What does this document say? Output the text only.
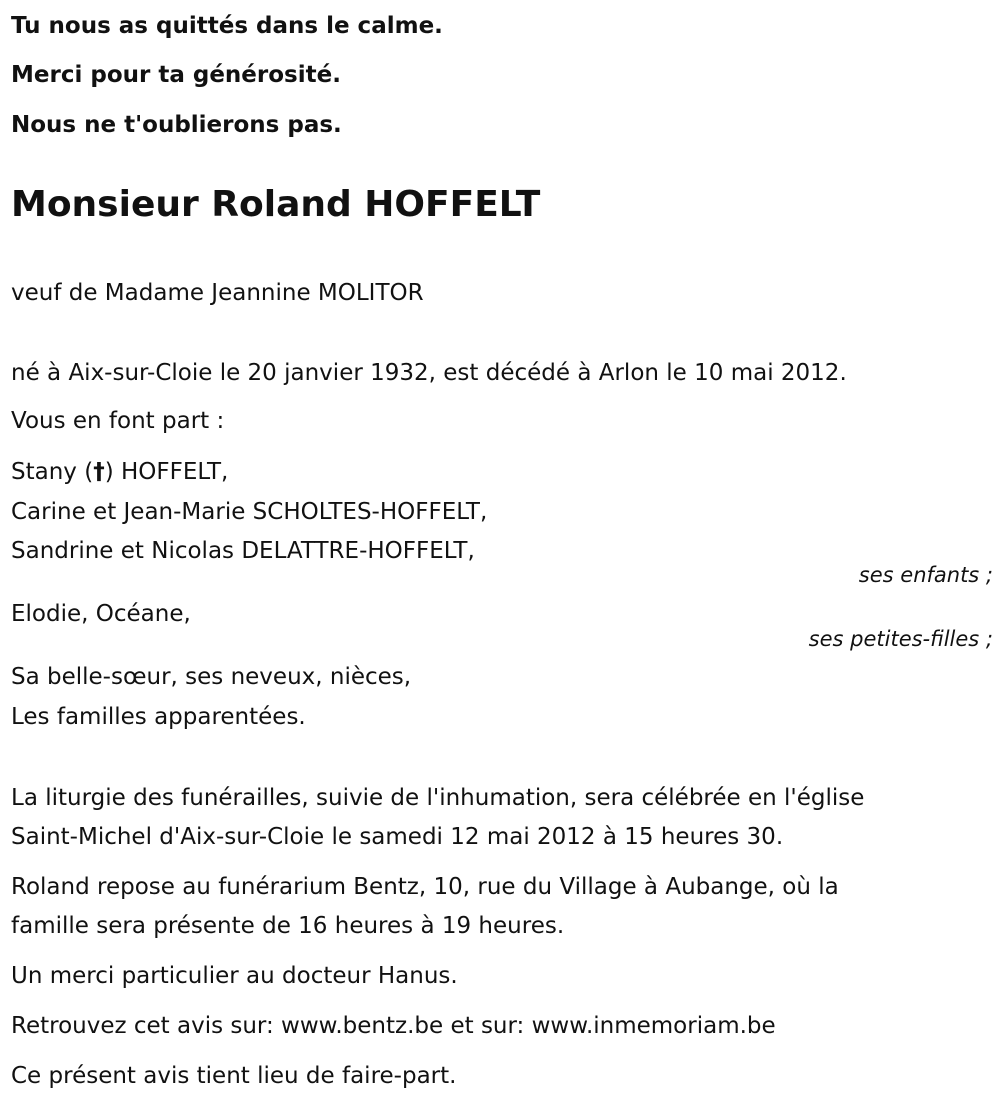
Tu nous as quittés dans le calme.
Merci pour ta générosité.
Nous ne t'oublierons pas.
Monsieur Roland HOFFELT
veuf de Madame Jeannine MOLITOR
né à Aix-sur-Cloie le 20 janvier 1932, est décédé à Arlon le 10 mai 2012.
Vous en font part :
Stany (†) HOFFELT,
Carine et Jean-Marie SCHOLTES-HOFFELT,
Sandrine et Nicolas DELATTRE-HOFFELT,
ses enfants ;
Elodie, Océane,
ses petites-filles ;
Sa belle-sœur, ses neveux, nièces,
Les familles apparentées.
La liturgie des funérailles, suivie de l'inhumation, sera célébrée en l'église
Saint-Michel d'Aix-sur-Cloie le samedi 12 mai 2012 à 15 heures 30.
Roland repose au funérarium Bentz, 10, rue du Village à Aubange, où la
famille sera présente de 16 heures à 19 heures.
Un merci particulier au docteur Hanus.
Retrouvez cet avis sur: www.bentz.be et sur: www.inmemoriam.be
Ce présent avis tient lieu de faire-part.
